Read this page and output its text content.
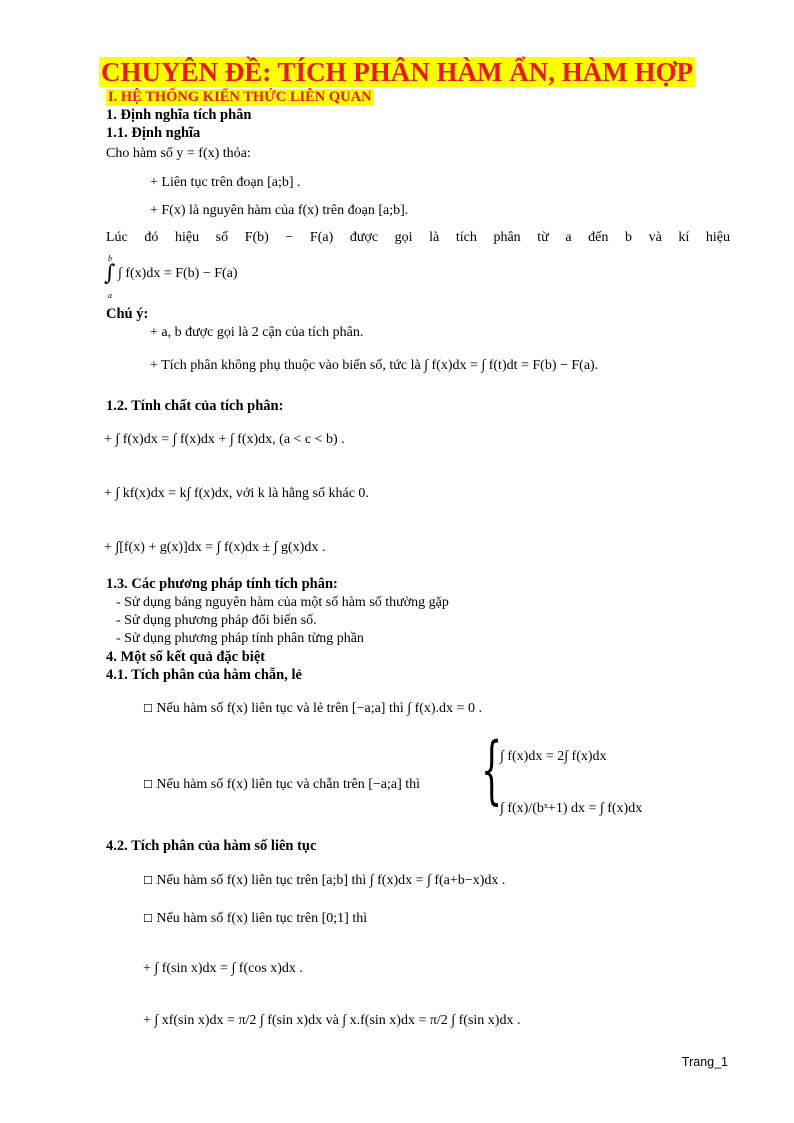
CHUYÊN ĐỀ: TÍCH PHÂN HÀM ẨN, HÀM HỢP
I. HỆ THỐNG KIẾN THỨC LIÊN QUAN
1. Định nghĩa tích phân
1.1. Định nghĩa
Cho hàm số y = f(x) thỏa:
+ Liên tục trên đoạn [a;b] .
+ F(x) là nguyên hàm của f(x) trên đoạn [a;b].
Lúc đó hiệu số F(b) − F(a) được gọi là tích phân từ a đến b và kí hiệu
b
∫
a
∫ f(x)dx = F(b) − F(a)
Chú ý:
+ a, b được gọi là 2 cận của tích phân.
+ Tích phân không phụ thuộc vào biến số, tức là ∫ f(x)dx = ∫ f(t)dt = F(b) − F(a).
1.2. Tính chất của tích phân:
+ ∫ f(x)dx = ∫ f(x)dx + ∫ f(x)dx, (a < c < b) .
+ ∫ kf(x)dx = k∫ f(x)dx, với k là hằng số khác 0.
+ ∫[f(x) + g(x)]dx = ∫ f(x)dx ± ∫ g(x)dx .
1.3. Các phương pháp tính tích phân:
- Sử dụng bảng nguyên hàm của một số hàm số thường gặp
- Sử dụng phương pháp đổi biến số.
- Sử dụng phương pháp tính phân từng phần
4. Một số kết quả đặc biệt
4.1. Tích phân của hàm chẵn, lẻ
☐ Nếu hàm số f(x) liên tục và lẻ trên [−a;a] thì ∫ f(x).dx = 0 .
☐ Nếu hàm số f(x) liên tục và chẵn trên [−a;a] thì {
∫ f(x)dx = 2∫ f(x)dx
∫ f(x)/(bˣ+1) dx = ∫ f(x)dx
4.2. Tích phân của hàm số liên tục
☐ Nếu hàm số f(x) liên tục trên [a;b] thì ∫ f(x)dx = ∫ f(a+b−x)dx .
☐ Nếu hàm số f(x) liên tục trên [0;1] thì
+ ∫ f(sin x)dx = ∫ f(cos x)dx .
+ ∫ xf(sin x)dx = π/2 ∫ f(sin x)dx và ∫ x.f(sin x)dx = π/2 ∫ f(sin x)dx .
Trang_1
